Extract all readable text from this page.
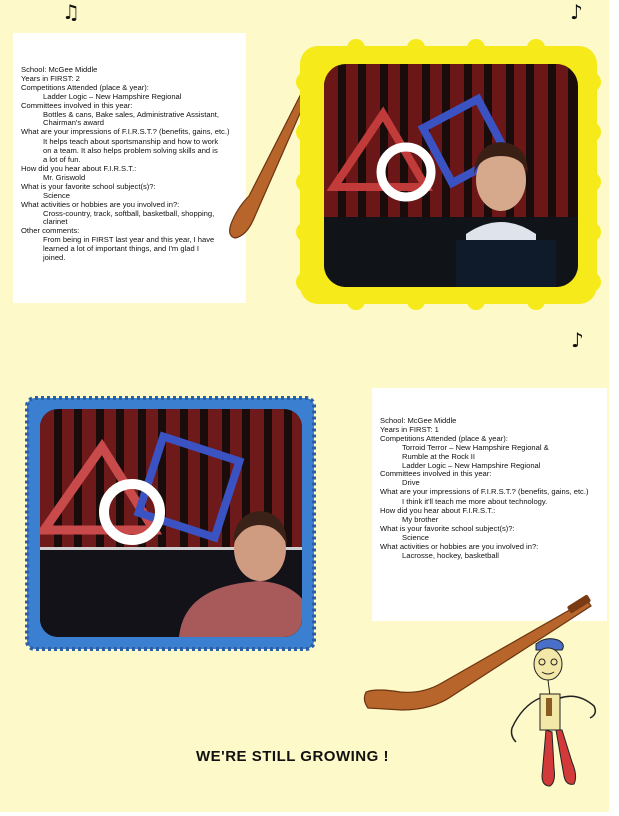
♫	♪
♪
School: McGee Middle
Years in FIRST: 2
Competitions Attended (place & year):
Ladder Logic – New Hampshire Regional
Committees involved in this year:
Bottles & cans, Bake sales, Administrative Assistant,
Chairman's award
What are your impressions of F.I.R.S.T.? (benefits, gains, etc.)
It helps teach about sportsmanship and how to work
on a team. It also helps problem solving skills and is
a lot of fun.
How did you hear about F.I.R.S.T.:
Mr. Griswold
What is your favorite school subject(s)?:
Science
What activities or hobbies are you involved in?:
Cross-country, track, softball, basketball, shopping,
clarinet
Other comments:
From being in FIRST last year and this year, I have
learned a lot of important things, and I'm glad I
joined.
School: McGee Middle
Years in FIRST: 1
Competitions Attended (place & year):
Torroid Terror – New Hampshire Regional &
Rumble at the Rock II
Ladder Logic – New Hampshire Regional
Committees involved in this year:
Drive
What are your impressions of F.I.R.S.T.? (benefits, gains, etc.)
I think it'll teach me more about technology.
How did you hear about F.I.R.S.T.:
My brother
What is your favorite school subject(s)?:
Science
What activities or hobbies are you involved in?:
Lacrosse, hockey, basketball
WE'RE STILL GROWING !
